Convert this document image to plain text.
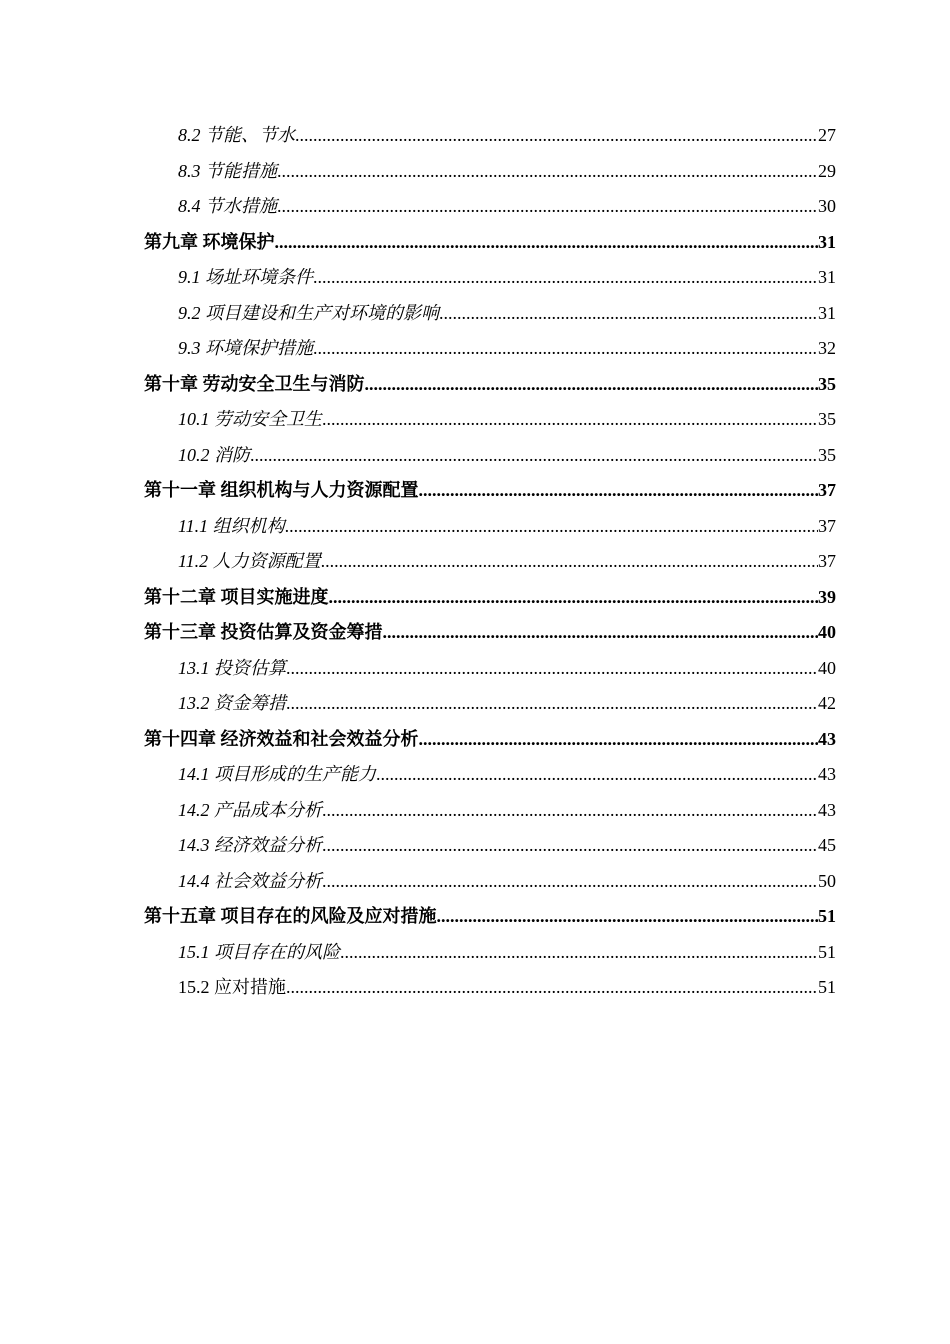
8.2 节能、节水 .....	27
8.3 节能措施 .....	29
8.4 节水措施 .....	30
第九章 环境保护 .....	31
9.1 场址环境条件 .....	31
9.2 项目建设和生产对环境的影响 .....	31
9.3 环境保护措施 .....	32
第十章 劳动安全卫生与消防 .....	35
10.1 劳动安全卫生 .....	35
10.2 消防 .....	35
第十一章 组织机构与人力资源配置 .....	37
11.1 组织机构 .....	37
11.2 人力资源配置 .....	37
第十二章 项目实施进度 .....	39
第十三章 投资估算及资金筹措 .....	40
13.1 投资估算 .....	40
13.2 资金筹措 .....	42
第十四章 经济效益和社会效益分析 .....	43
14.1 项目形成的生产能力 .....	43
14.2 产品成本分析 .....	43
14.3 经济效益分析 .....	45
14.4 社会效益分析 .....	50
第十五章 项目存在的风险及应对措施 .....	51
15.1 项目存在的风险 .....	51
15.2 应对措施 .....	51
